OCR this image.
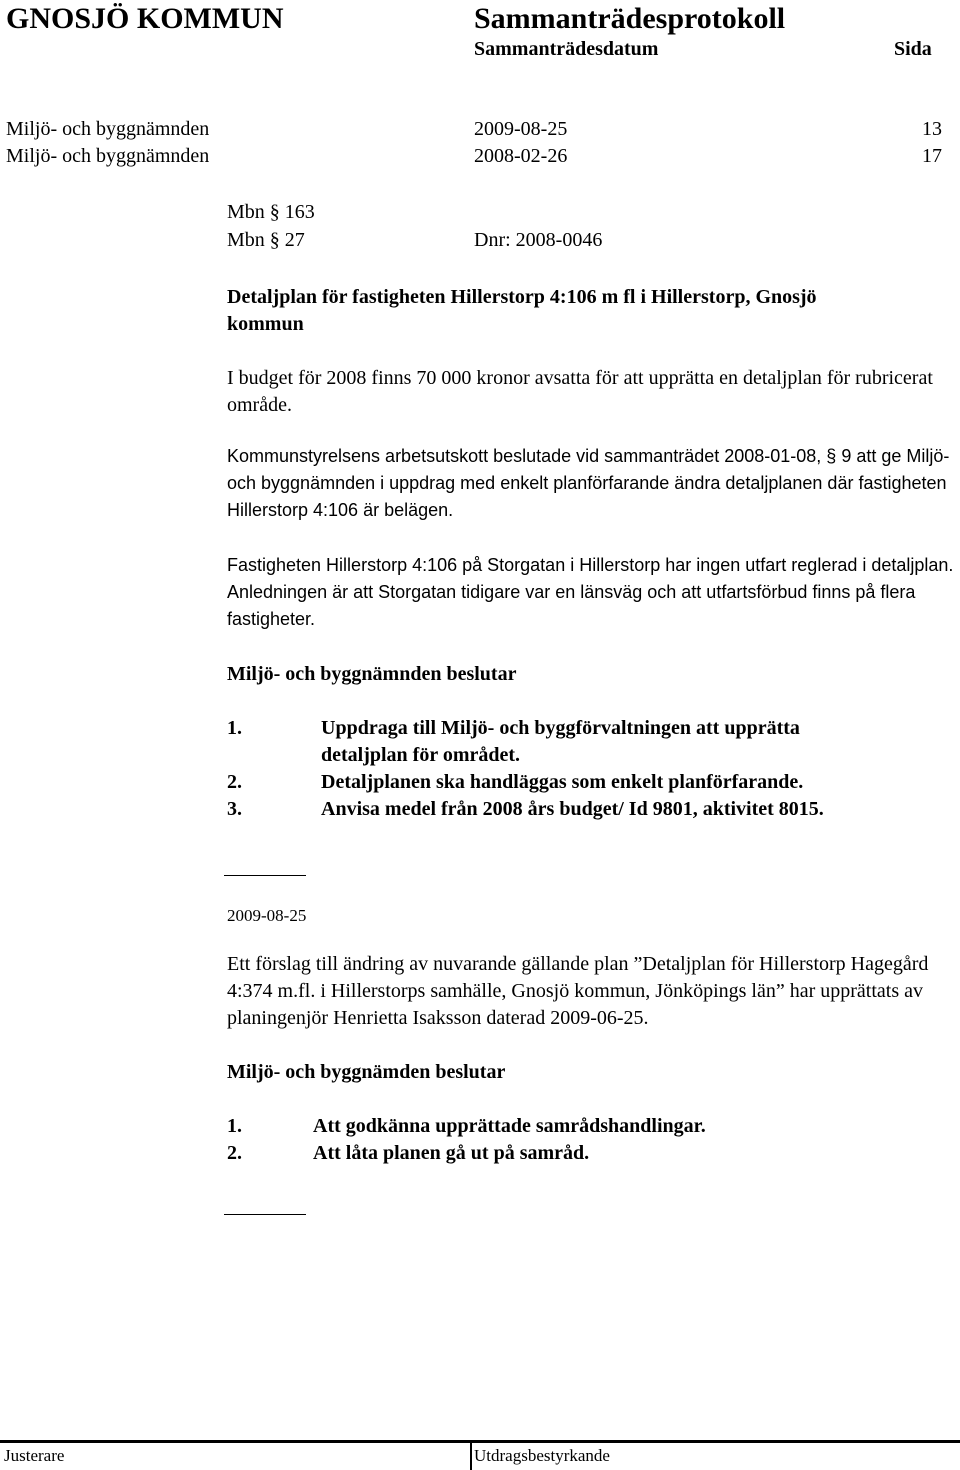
GNOSJÖ KOMMUN	Sammanträdesprotokoll
Sammanträdesdatum	Sida
Miljö- och byggnämnden	2009-08-25	13
Miljö- och byggnämnden	2008-02-26	17
Mbn § 163
Mbn § 27	Dnr: 2008-0046
Detaljplan för fastigheten Hillerstorp 4:106 m fl i Hillerstorp, Gnosjö kommun

I budget för 2008 finns 70 000 kronor avsatta för att upprätta en detaljplan för rubricerat område.

Kommunstyrelsens arbetsutskott beslutade vid sammanträdet 2008-01-08, § 9 att ge Miljö- och byggnämnden i uppdrag med enkelt planförfarande ändra detaljplanen där fastigheten Hillerstorp 4:106 är belägen.

Fastigheten Hillerstorp 4:106 på Storgatan i Hillerstorp har ingen utfart reglerad i detaljplan. Anledningen är att Storgatan tidigare var en länsväg och att utfartsförbud finns på flera fastigheter.

Miljö- och byggnämnden beslutar
1.	Uppdraga till Miljö- och byggförvaltningen att upprätta
detaljplan för området.
2.	Detaljplanen ska handläggas som enkelt planförfarande.
3.	Anvisa medel från 2008 års budget/ Id 9801, aktivitet 8015.
2009-08-25

Ett förslag till ändring av nuvarande gällande plan ”Detaljplan för Hillerstorp Hagegård 4:374 m.fl. i Hillerstorps samhälle, Gnosjö kommun, Jönköpings län” har upprättats av planingenjör Henrietta Isaksson daterad 2009-06-25.

Miljö- och byggnämden beslutar
1.	Att godkänna upprättade samrådshandlingar.
2.	Att låta planen gå ut på samråd.
Justerare	Utdragsbestyrkande
